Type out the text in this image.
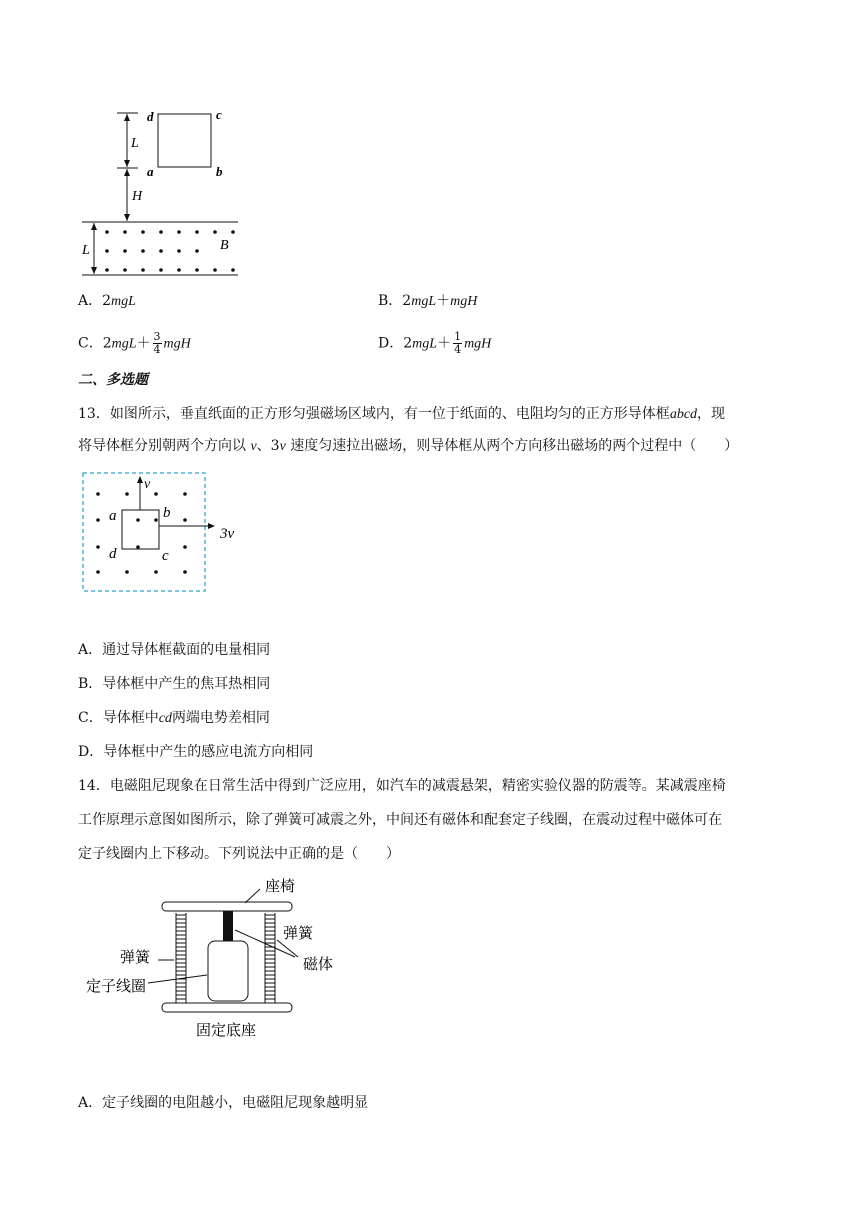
d	c
a	b
L
H
L	B
A．2mgL	B．2mgL＋mgH
C．$2mgL+ \frac{3}{4}$ mgH	D．$2mgL+ \frac{1}{4}$ mgH
二、多选题
13．如图所示，垂直纸面的正方形匀强磁场区域内，有一位于纸面的、电阻均匀的正方形导体框abcd，现
将导体框分别朝两个方向以 v、3v 速度匀速拉出磁场，则导体框从两个方向移出磁场的两个过程中（　　）
v
a	b
d	c
3v
A．通过导体框截面的电量相同
B．导体框中产生的焦耳热相同
C．导体框中cd两端电势差相同
D．导体框中产生的感应电流方向相同
14．电磁阻尼现象在日常生活中得到广泛应用，如汽车的减震悬架，精密实验仪器的防震等。某减震座椅
工作原理示意图如图所示，除了弹簧可减震之外，中间还有磁体和配套定子线圈，在震动过程中磁体可在
定子线圈内上下移动。下列说法中正确的是（　　）
座椅
弹簧
弹簧	磁体
定子线圈
固定底座
A．定子线圈的电阻越小，电磁阻尼现象越明显
